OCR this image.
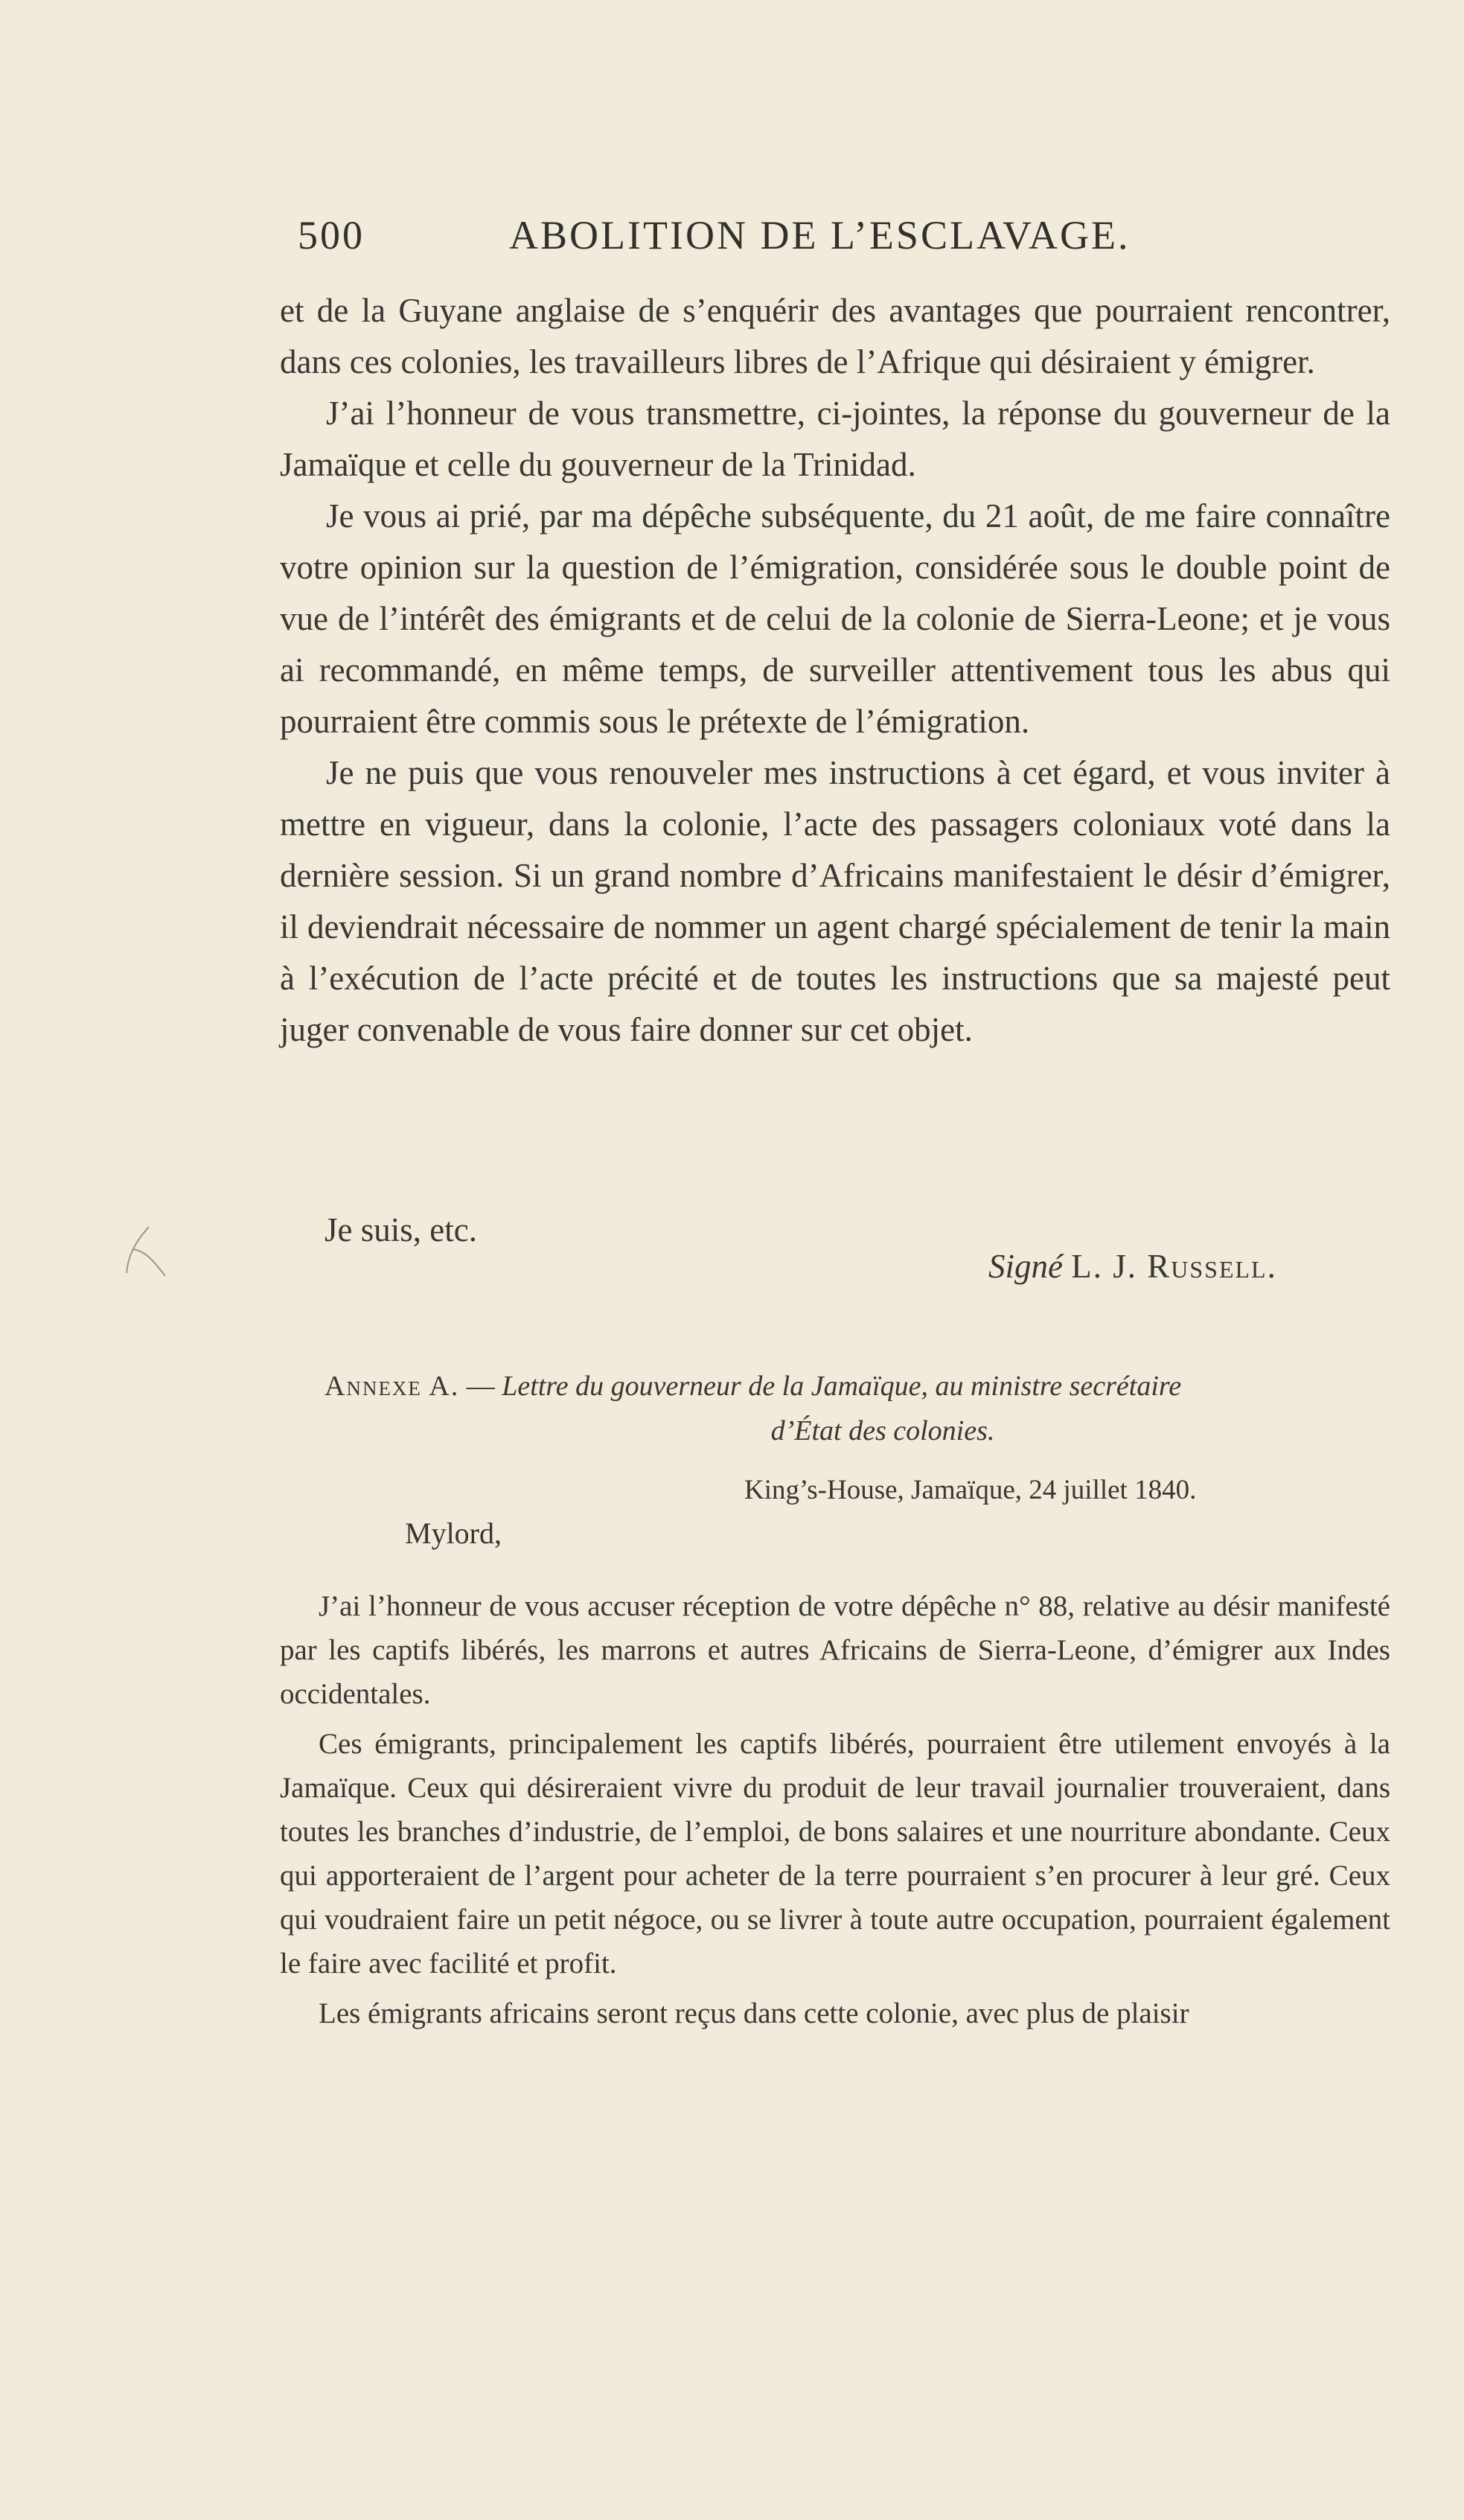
500	ABOLITION DE L’ESCLAVAGE.

et de la Guyane anglaise de s’enquérir des avantages que pourraient rencontrer, dans ces colonies, les travailleurs libres de l’Afrique qui désiraient y émigrer.

J’ai l’honneur de vous transmettre, ci-jointes, la réponse du gouverneur de la Jamaïque et celle du gouverneur de la Trinidad.

Je vous ai prié, par ma dépêche subséquente, du 21 août, de me faire connaître votre opinion sur la question de l’émigration, considérée sous le double point de vue de l’intérêt des émigrants et de celui de la colonie de Sierra-Leone; et je vous ai recommandé, en même temps, de surveiller attentivement tous les abus qui pourraient être commis sous le prétexte de l’émigration.

Je ne puis que vous renouveler mes instructions à cet égard, et vous inviter à mettre en vigueur, dans la colonie, l’acte des passagers coloniaux voté dans la dernière session. Si un grand nombre d’Africains manifestaient le désir d’émigrer, il deviendrait nécessaire de nommer un agent chargé spécialement de tenir la main à l’exécution de l’acte précité et de toutes les instructions que sa majesté peut juger convenable de vous faire donner sur cet objet.

Je suis, etc.
Signé L. J. Russell.
Annexe A. — Lettre du gouverneur de la Jamaïque, au ministre secrétaire
d’État des colonies.
King’s-House, Jamaïque, 24 juillet 1840.
Mylord,

J’ai l’honneur de vous accuser réception de votre dépêche n° 88, relative au désir manifesté par les captifs libérés, les marrons et autres Africains de Sierra-Leone, d’émigrer aux Indes occidentales.

Ces émigrants, principalement les captifs libérés, pourraient être utilement envoyés à la Jamaïque. Ceux qui désireraient vivre du produit de leur travail journalier trouveraient, dans toutes les branches d’industrie, de l’emploi, de bons salaires et une nourriture abondante. Ceux qui apporteraient de l’argent pour acheter de la terre pourraient s’en procurer à leur gré. Ceux qui voudraient faire un petit négoce, ou se livrer à toute autre occupation, pourraient également le faire avec facilité et profit.

Les émigrants africains seront reçus dans cette colonie, avec plus de plaisir
